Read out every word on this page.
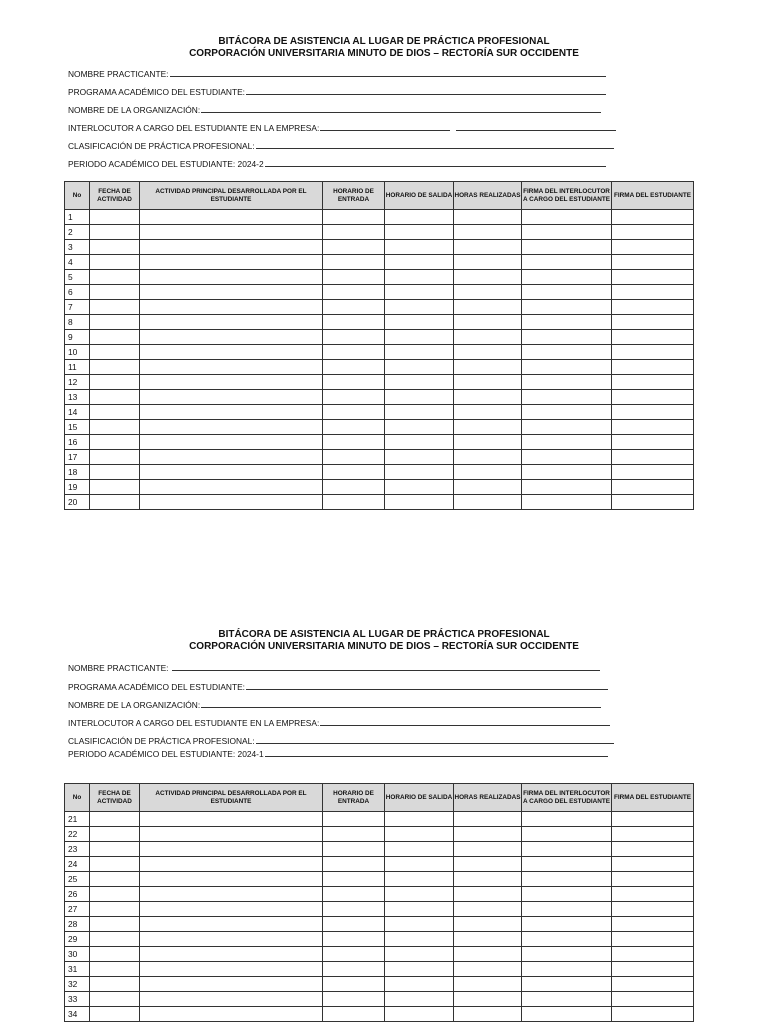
BITÁCORA DE ASISTENCIA AL LUGAR DE PRÁCTICA PROFESIONAL
CORPORACIÓN UNIVERSITARIA MINUTO DE DIOS – RECTORÍA SUR OCCIDENTE
NOMBRE PRACTICANTE:
PROGRAMA ACADÉMICO DEL ESTUDIANTE:
NOMBRE DE LA ORGANIZACIÓN:
INTERLOCUTOR A CARGO DEL ESTUDIANTE EN LA EMPRESA:
CLASIFICACIÓN DE PRÁCTICA PROFESIONAL:
PERIODO ACADÉMICO DEL ESTUDIANTE: 2024-2
No	FECHA DE ACTIVIDAD	ACTIVIDAD PRINCIPAL DESARROLLADA POR EL ESTUDIANTE	HORARIO DE ENTRADA	HORARIO DE SALIDA	HORAS REALIZADAS	FIRMA DEL INTERLOCUTOR A CARGO DEL ESTUDIANTE	FIRMA DEL ESTUDIANTE
1							
2							
3							
4							
5							
6							
7							
8							
9							
10							
11							
12							
13							
14							
15							
16							
17							
18							
19							
20							
BITÁCORA DE ASISTENCIA AL LUGAR DE PRÁCTICA PROFESIONAL
CORPORACIÓN UNIVERSITARIA MINUTO DE DIOS – RECTORÍA SUR OCCIDENTE
NOMBRE PRACTICANTE:
PROGRAMA ACADÉMICO DEL ESTUDIANTE:
NOMBRE DE LA ORGANIZACIÓN:
INTERLOCUTOR A CARGO DEL ESTUDIANTE EN LA EMPRESA:
CLASIFICACIÓN DE PRÁCTICA PROFESIONAL:
PERIODO ACADÉMICO DEL ESTUDIANTE: 2024-1
No	FECHA DE ACTIVIDAD	ACTIVIDAD PRINCIPAL DESARROLLADA POR EL ESTUDIANTE	HORARIO DE ENTRADA	HORARIO DE SALIDA	HORAS REALIZADAS	FIRMA DEL INTERLOCUTOR A CARGO DEL ESTUDIANTE	FIRMA DEL ESTUDIANTE
21							
22							
23							
24							
25							
26							
27							
28							
29							
30							
31							
32							
33							
34							
